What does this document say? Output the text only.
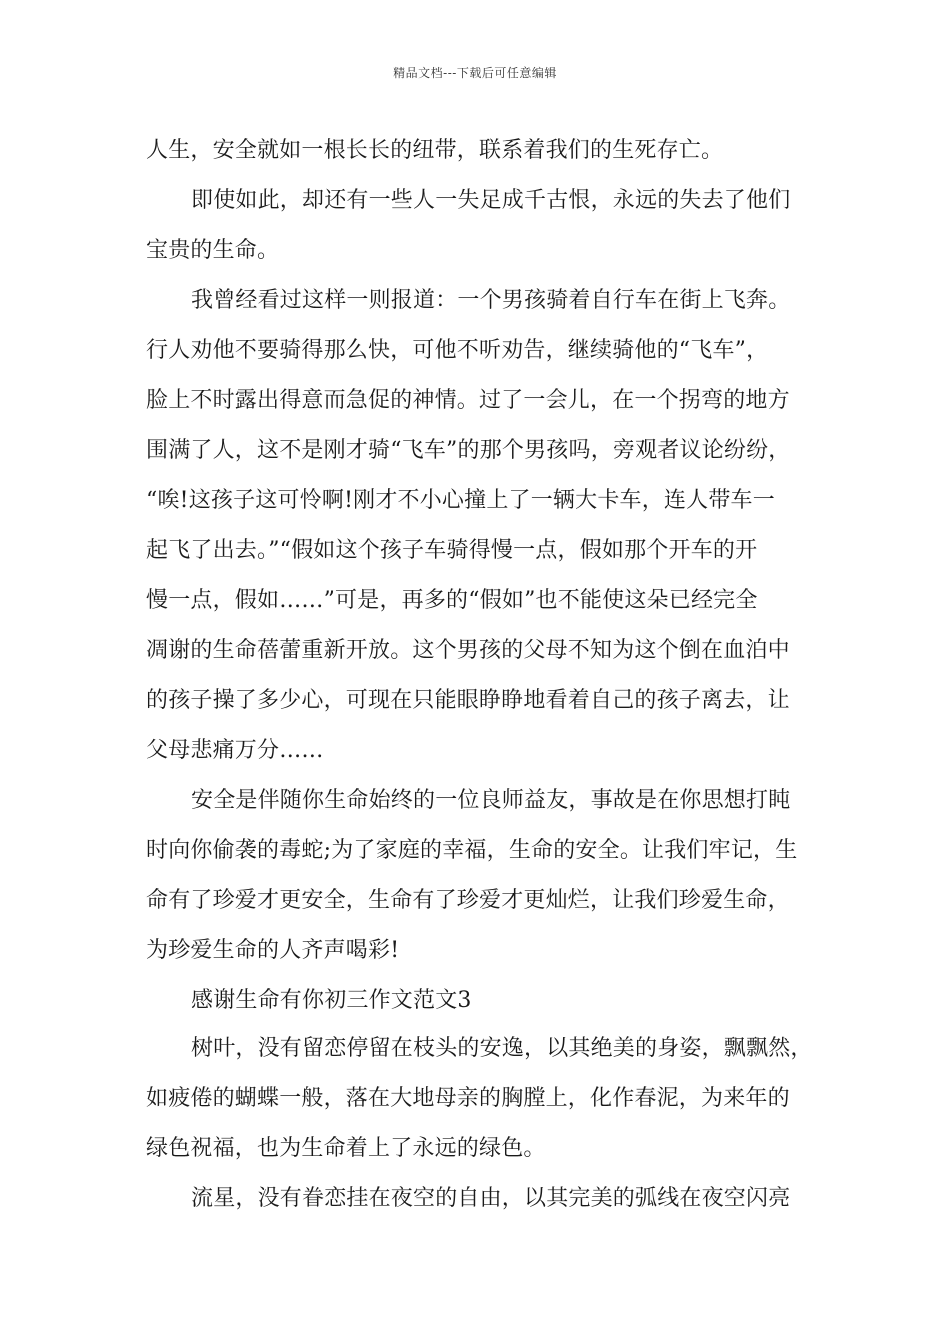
精品文档---下载后可任意编辑
人生，安全就如一根长长的纽带，联系着我们的生死存亡。
即使如此，却还有一些人一失足成千古恨，永远的失去了他们
宝贵的生命。
我曾经看过这样一则报道：一个男孩骑着自行车在街上飞奔。
行人劝他不要骑得那么快，可他不听劝告，继续骑他的“飞车”，
脸上不时露出得意而急促的神情。过了一会儿，在一个拐弯的地方
围满了人，这不是刚才骑“飞车”的那个男孩吗，旁观者议论纷纷，
“唉!这孩子这可怜啊!刚才不小心撞上了一辆大卡车，连人带车一
起飞了出去。”“假如这个孩子车骑得慢一点，假如那个开车的开
慢一点，假如……”可是，再多的“假如”也不能使这朵已经完全
凋谢的生命蓓蕾重新开放。这个男孩的父母不知为这个倒在血泊中
的孩子操了多少心，可现在只能眼睁睁地看着自己的孩子离去，让
父母悲痛万分……
安全是伴随你生命始终的一位良师益友，事故是在你思想打盹
时向你偷袭的毒蛇;为了家庭的幸福，生命的安全。让我们牢记，生
命有了珍爱才更安全，生命有了珍爱才更灿烂，让我们珍爱生命，
为珍爱生命的人齐声喝彩!
感谢生命有你初三作文范文3
树叶，没有留恋停留在枝头的安逸，以其绝美的身姿，飘飘然，
如疲倦的蝴蝶一般，落在大地母亲的胸膛上，化作春泥，为来年的
绿色祝福，也为生命着上了永远的绿色。
流星，没有眷恋挂在夜空的自由，以其完美的弧线在夜空闪亮
